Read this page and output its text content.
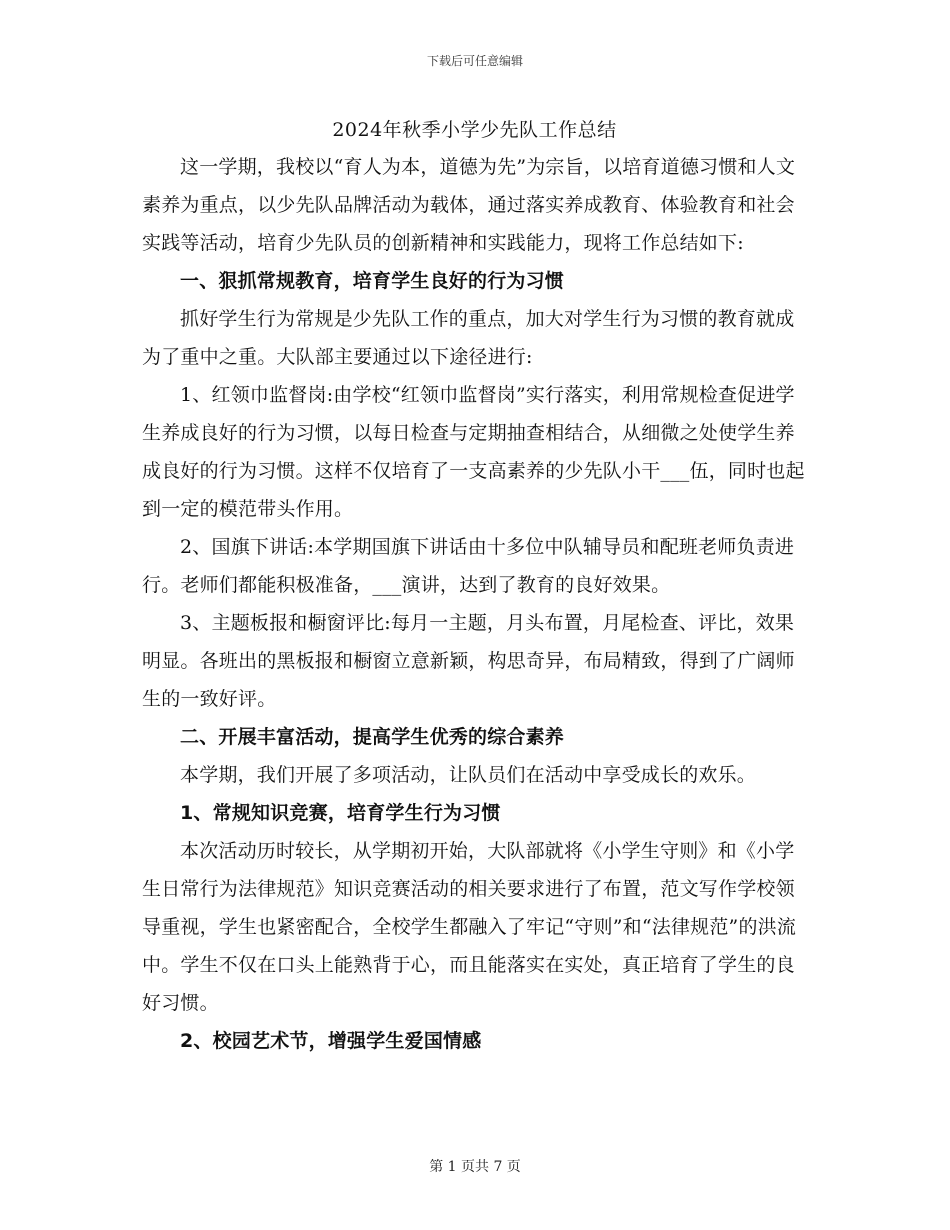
下载后可任意编辑
2024年秋季小学少先队工作总结

这一学期，我校以“育人为本，道德为先”为宗旨，以培育道德习惯和人文素养为重点，以少先队品牌活动为载体，通过落实养成教育、体验教育和社会实践等活动，培育少先队员的创新精神和实践能力，现将工作总结如下:

一、狠抓常规教育，培育学生良好的行为习惯

抓好学生行为常规是少先队工作的重点，加大对学生行为习惯的教育就成为了重中之重。大队部主要通过以下途径进行:

1、红领巾监督岗:由学校“红领巾监督岗”实行落实，利用常规检查促进学生养成良好的行为习惯，以每日检查与定期抽查相结合，从细微之处使学生养成良好的行为习惯。这样不仅培育了一支高素养的少先队小干___伍，同时也起到一定的模范带头作用。

2、国旗下讲话:本学期国旗下讲话由十多位中队辅导员和配班老师负责进行。老师们都能积极准备，___演讲，达到了教育的良好效果。

3、主题板报和橱窗评比:每月一主题，月头布置，月尾检查、评比，效果明显。各班出的黑板报和橱窗立意新颖，构思奇异，布局精致，得到了广阔师生的一致好评。

二、开展丰富活动，提高学生优秀的综合素养

本学期，我们开展了多项活动，让队员们在活动中享受成长的欢乐。

1、常规知识竞赛，培育学生行为习惯

本次活动历时较长，从学期初开始，大队部就将《小学生守则》和《小学生日常行为法律规范》知识竞赛活动的相关要求进行了布置，范文写作学校领导重视，学生也紧密配合，全校学生都融入了牢记“守则”和“法律规范”的洪流中。学生不仅在口头上能熟背于心，而且能落实在实处，真正培育了学生的良好习惯。

2、校园艺术节，增强学生爱国情感

第 1 页共 7 页
